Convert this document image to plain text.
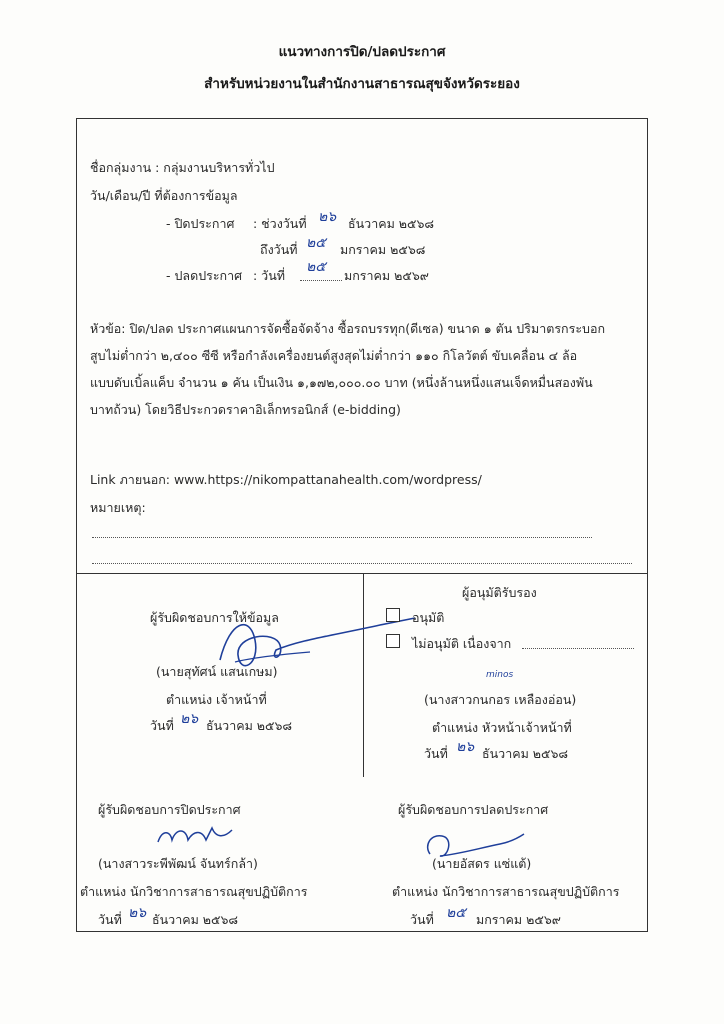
แนวทางการปิด/ปลดประกาศ
สำหรับหน่วยงานในสำนักงานสาธารณสุขจังหวัดระยอง
ชื่อกลุ่มงาน : กลุ่มงานบริหารทั่วไป
วัน/เดือน/ปี ที่ต้องการข้อมูล
- ปิดประกาศ : ช่วงวันที่ ๒๖ ธันวาคม ๒๕๖๘
ถึงวันที่ ๒๕ มกราคม ๒๕๖๘
- ปลดประกาศ : วันที่
๒๕
มกราคม ๒๕๖๙
หัวข้อ: ปิด/ปลด ประกาศแผนการจัดซื้อจัดจ้าง ซื้อรถบรรทุก(ดีเซล) ขนาด ๑ ตัน ปริมาตรกระบอก
สูบไม่ต่ำกว่า ๒,๔๐๐ ซีซี หรือกำลังเครื่องยนต์สูงสุดไม่ต่ำกว่า ๑๑๐ กิโลวัตต์ ขับเคลื่อน ๔ ล้อ
แบบดับเบิ้ลแค็บ จำนวน ๑ คัน เป็นเงิน ๑,๑๗๒,๐๐๐.๐๐ บาท (หนึ่งล้านหนึ่งแสนเจ็ดหมื่นสองพัน
บาทถ้วน) โดยวิธีประกวดราคาอิเล็กทรอนิกส์ (e-bidding)
Link ภายนอก: www.https://nikompattanahealth.com/wordpress/
หมายเหตุ:
ผู้รับผิดชอบการให้ข้อมูล
(นายสุทัศน์ แสนเกษม)
ตำแหน่ง เจ้าหน้าที่
วันที่ ๒๖ ธันวาคม ๒๕๖๘
ผู้อนุมัติรับรอง
อนุมัติ
ไม่อนุมัติ เนื่องจาก
minos
(นางสาวกนกอร เหลืองอ่อน)
ตำแหน่ง หัวหน้าเจ้าหน้าที่
วันที่ ๒๖ ธันวาคม ๒๕๖๘
ผู้รับผิดชอบการปิดประกาศ
(นางสาวระพีพัฒน์ จันทร์กล้า)
ตำแหน่ง นักวิชาการสาธารณสุขปฏิบัติการ
วันที่ ๒๖ ธันวาคม ๒๕๖๘
ผู้รับผิดชอบการปลดประกาศ
(นายอัสดร แซ่แต้)
ตำแหน่ง นักวิชาการสาธารณสุขปฏิบัติการ
วันที่ ๒๕ มกราคม ๒๕๖๙
